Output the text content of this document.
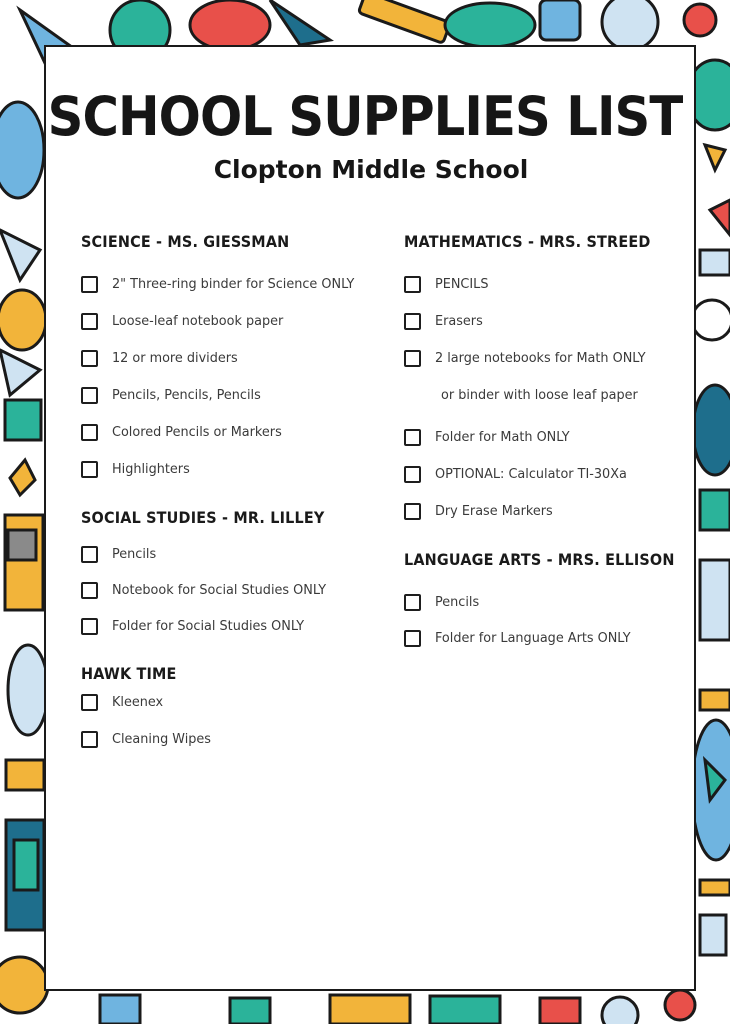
SCHOOL SUPPLIES LIST
Clopton Middle School
SCIENCE - MS. GIESSMAN
2" Three-ring binder for Science ONLY
Loose-leaf notebook paper
12 or more dividers
Pencils, Pencils, Pencils
Colored Pencils or Markers
Highlighters
SOCIAL STUDIES - MR. LILLEY
Pencils
Notebook for Social Studies ONLY
Folder for Social Studies ONLY
HAWK TIME
Kleenex
Cleaning Wipes
MATHEMATICS - MRS. STREED
PENCILS
Erasers
2 large notebooks for Math ONLY
or binder with loose leaf paper
Folder for Math ONLY
OPTIONAL: Calculator TI-30Xa
Dry Erase Markers
LANGUAGE ARTS - MRS. ELLISON
Pencils
Folder for Language Arts ONLY
